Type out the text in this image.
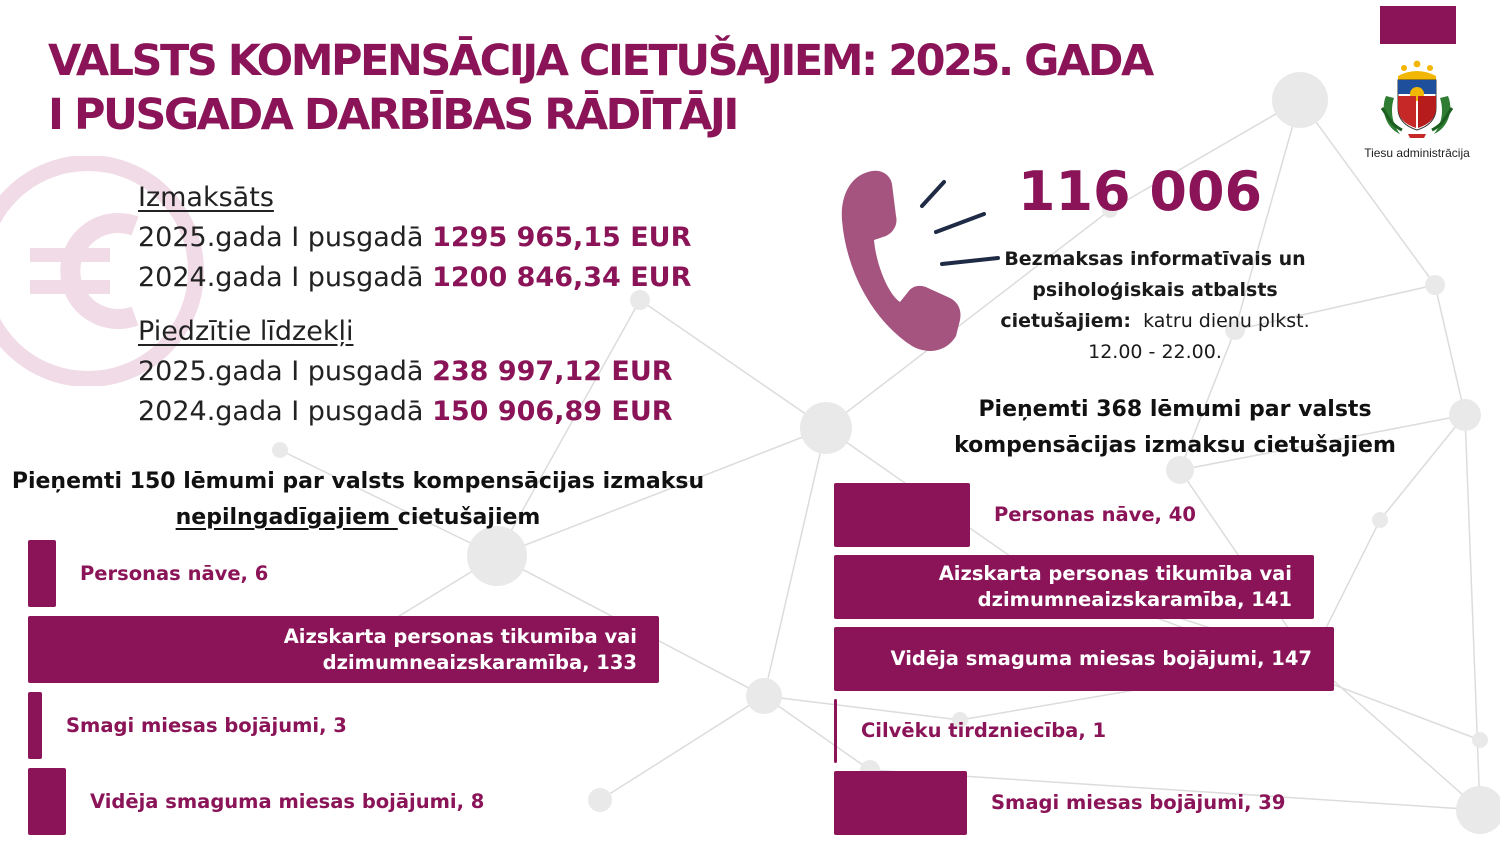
VALSTS KOMPENSĀCIJA CIETUŠAJIEM: 2025. GADA
I PUSGADA DARBĪBAS RĀDĪTĀJI
Tiesu administrācija
Izmaksāts
2025.gada I pusgadā 1295 965,15 EUR
2024.gada I pusgadā 1200 846,34 EUR
Piedzītie līdzekļi
2025.gada I pusgadā 238 997,12 EUR
2024.gada I pusgadā 150 906,89 EUR
116 006
Bezmaksas informatīvais un
psiholoģiskais atbalsts
cietušajiem: katru dienu plkst.
12.00 - 22.00.
Pieņemti 150 lēmumi par valsts kompensācijas izmaksu
nepilngadīgajiem cietušajiem
Pieņemti 368 lēmumi par valsts
kompensācijas izmaksu cietušajiem
Personas nāve, 6
Aizskarta personas tikumība vai
dzimumneaizskaramība, 133
Smagi miesas bojājumi, 3
Vidēja smaguma miesas bojājumi, 8
Personas nāve, 40
Aizskarta personas tikumība vai
dzimumneaizskaramība, 141
Vidēja smaguma miesas bojājumi, 147
Cilvēku tirdzniecība, 1
Smagi miesas bojājumi, 39
